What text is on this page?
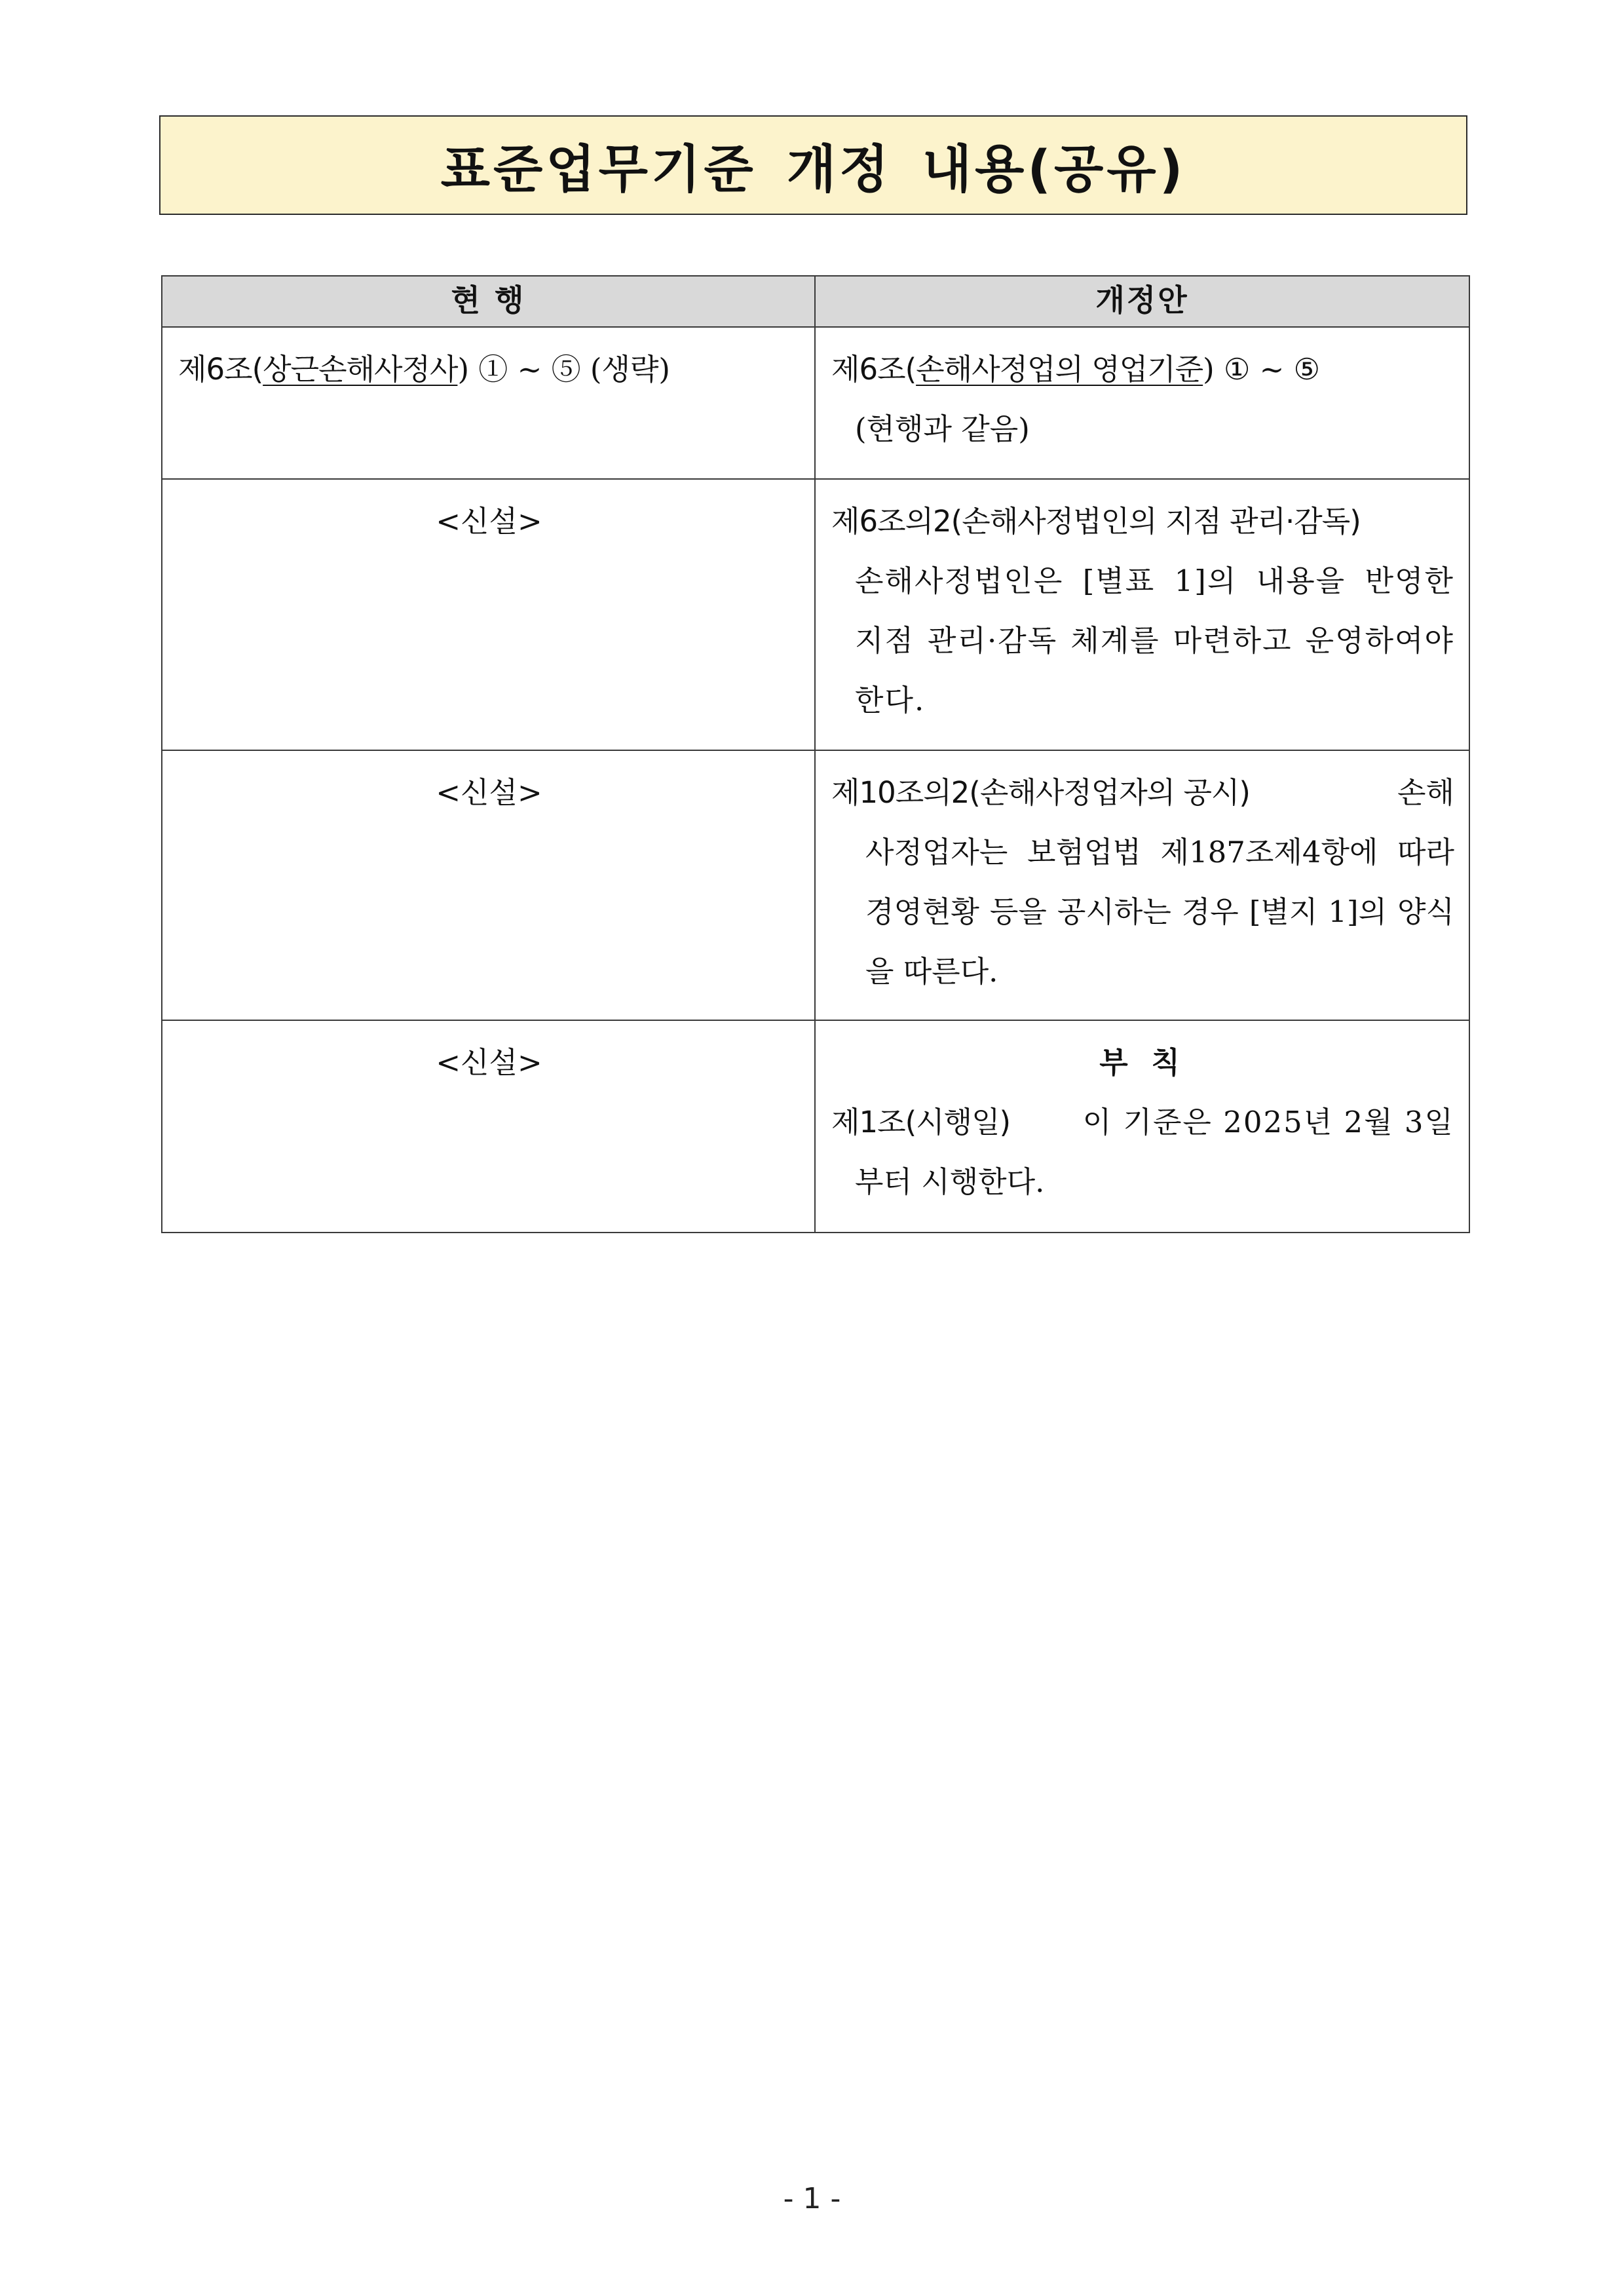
표준업무기준 개정 내용(공유)
현 행	개정안

제6조(상근손해사정사) ① ~ ⑤ (생략)	제6조(손해사정업의 영업기준) ① ~ ⑤
(현행과 같음)

<신설>	제6조의2(손해사정법인의 지점 관리·감독)
손해사정법인은 [별표 1]의 내용을 반영한 지점 관리·감독 체계를 마련하고 운영하여야 한다.

<신설>	제10조의2(손해사정업자의 공시) 손해
사정업자는 보험업법 제187조제4항에 따라 경영현황 등을 공시하는 경우 [별지 1]의 양식을 따른다.

<신설>	부 칙
제1조(시행일) 이 기준은 2025년 2월 3일
부터 시행한다.
- 1 -
